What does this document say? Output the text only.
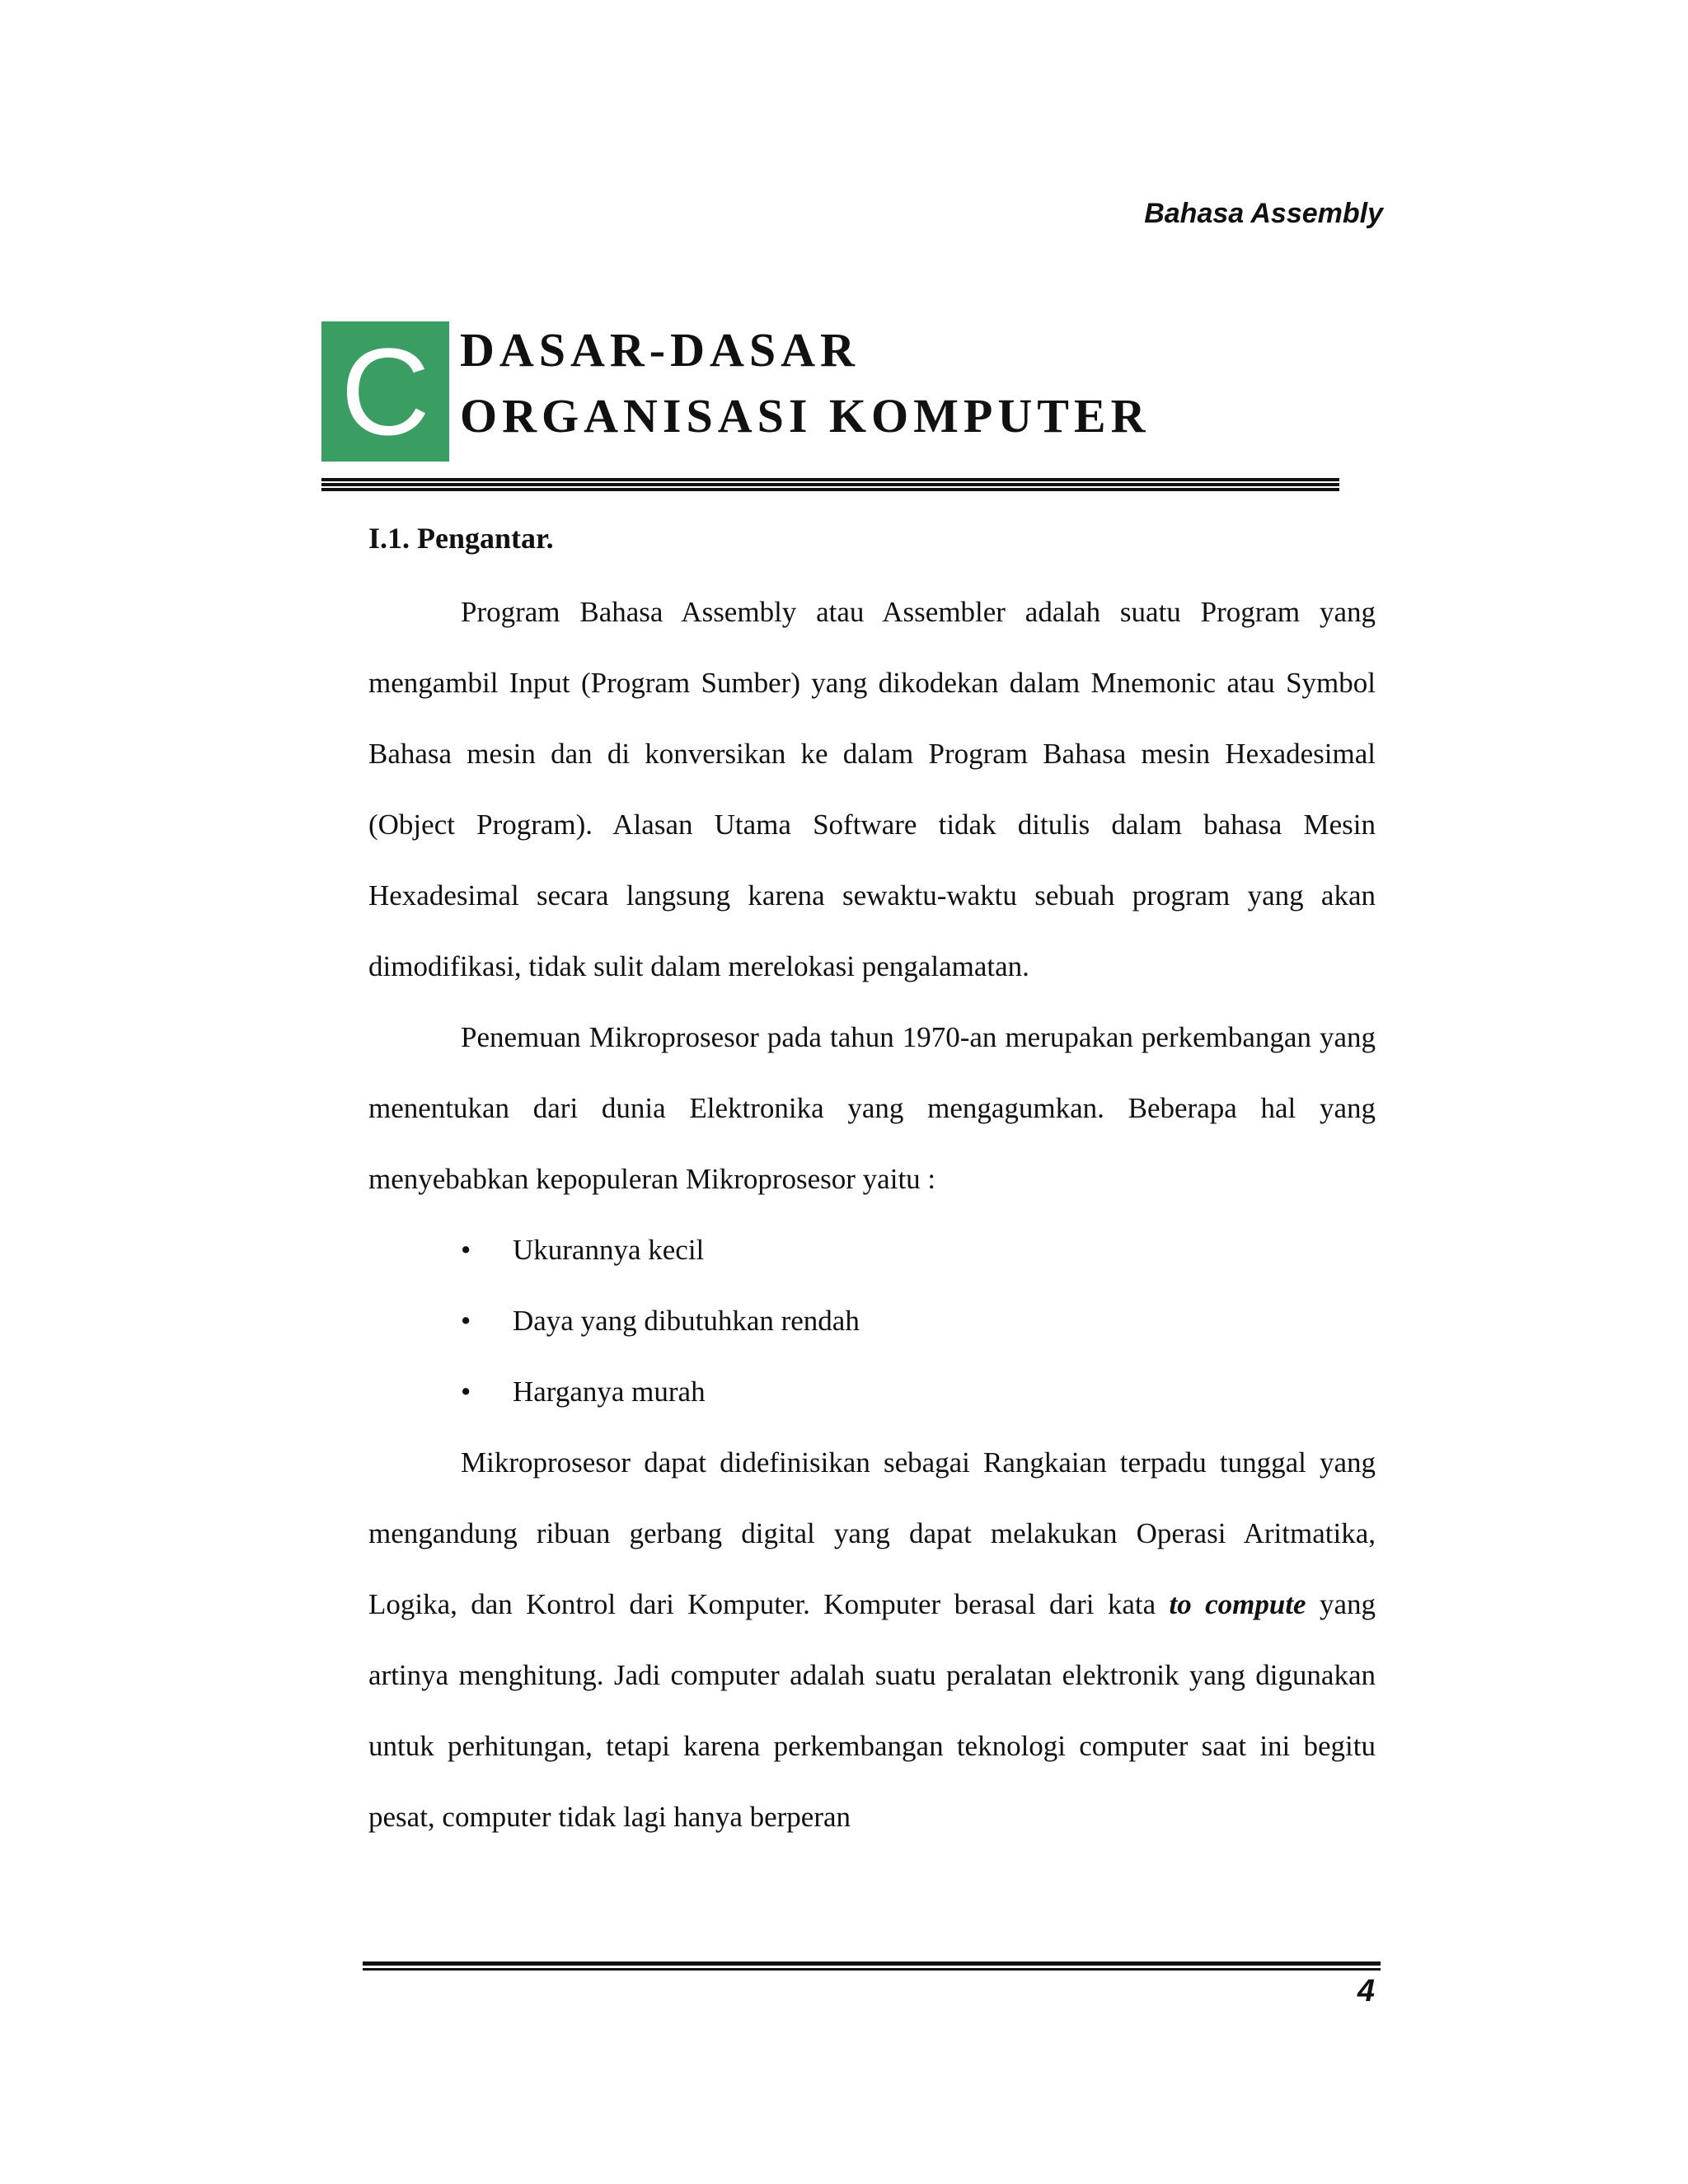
Bahasa Assembly
C DASAR-DASAR
ORGANISASI KOMPUTER
I.1. Pengantar.

Program Bahasa Assembly atau Assembler adalah suatu Program yang mengambil Input (Program Sumber) yang dikodekan dalam Mnemonic atau Symbol Bahasa mesin dan di konversikan ke dalam Program Bahasa mesin Hexadesimal (Object Program). Alasan Utama Software tidak ditulis dalam bahasa Mesin Hexadesimal secara langsung karena sewaktu-waktu sebuah program yang akan dimodifikasi, tidak sulit dalam merelokasi pengalamatan.

Penemuan Mikroprosesor pada tahun 1970-an merupakan perkembangan yang menentukan dari dunia Elektronika yang mengagumkan. Beberapa hal yang menyebabkan kepopuleran Mikroprosesor yaitu :

• Ukurannya kecil
• Daya yang dibutuhkan rendah
• Harganya murah

Mikroprosesor dapat didefinisikan sebagai Rangkaian terpadu tunggal yang mengandung ribuan gerbang digital yang dapat melakukan Operasi Aritmatika, Logika, dan Kontrol dari Komputer. Komputer berasal dari kata to compute yang artinya menghitung. Jadi computer adalah suatu peralatan elektronik yang digunakan untuk perhitungan, tetapi karena perkembangan teknologi computer saat ini begitu pesat, computer tidak lagi hanya berperan

4
